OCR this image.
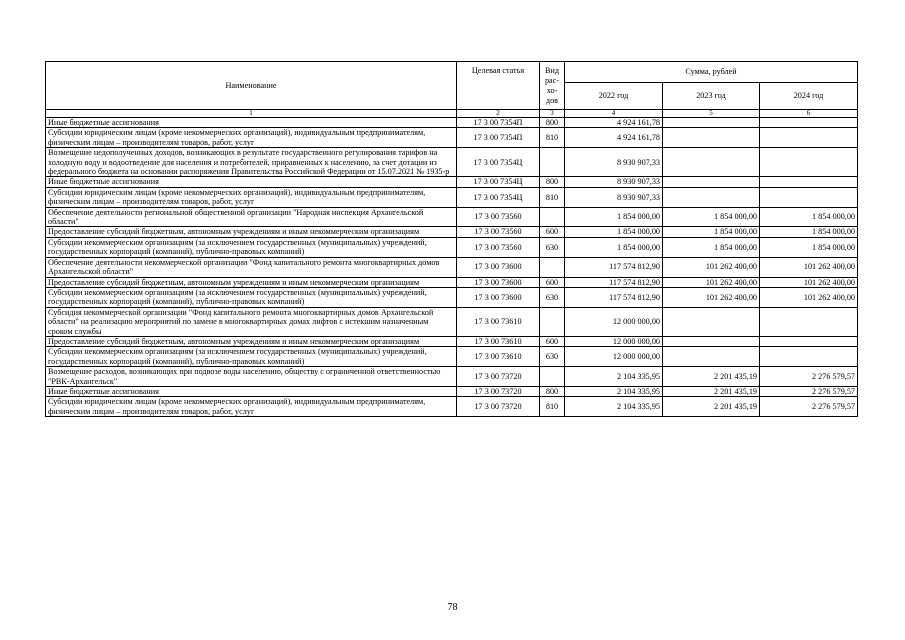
Наименование	Целевая статья	Вид
рас-
хо-
дов	Сумма, рублей		
			2022 год	2023 год	2024 год
1	2	3	4	5	6
Иные бюджетные ассигнования	17 3 00 7354П	800	4 924 161,78		
Субсидии юридическим лицам (кроме некоммерческих организаций), индивидуальным предпринимателям, физическим лицам – производителям товаров, работ, услуг	17 3 00 7354П	810	4 924 161,78		
Возмещение недополученных доходов, возникающих в результате государственного регулирования тарифов на холодную воду и водоотведение для населения и потребителей, приравненных к населению, за счет дотации из федерального бюджета на основании распоряжения Правительства Российской Федерации от 15.07.2021 № 1935-р	17 3 00 7354Ц		8 930 907,33		
Иные бюджетные ассигнования	17 3 00 7354Ц	800	8 930 907,33		
Субсидии юридическим лицам (кроме некоммерческих организаций), индивидуальным предпринимателям, физическим лицам – производителям товаров, работ, услуг	17 3 00 7354Ц	810	8 930 907,33		
Обеспечение деятельности региональной общественной организации "Народная инспекция Архангельской области"	17 3 00 73560		1 854 000,00	1 854 000,00	1 854 000,00
Предоставление субсидий бюджетным, автономным учреждениям и иным некоммерческим организациям	17 3 00 73560	600	1 854 000,00	1 854 000,00	1 854 000,00
Субсидии некоммерческим организациям (за исключением государственных (муниципальных) учреждений, государственных корпораций (компаний), публично-правовых компаний)	17 3 00 73560	630	1 854 000,00	1 854 000,00	1 854 000,00
Обеспечение деятельности некоммерческой организации "Фонд капитального ремонта многоквартирных домов Архангельской области"	17 3 00 73600		117 574 812,90	101 262 400,00	101 262 400,00
Предоставление субсидий бюджетным, автономным учреждениям и иным некоммерческим организациям	17 3 00 73600	600	117 574 812,90	101 262 400,00	101 262 400,00
Субсидии некоммерческим организациям (за исключением государственных (муниципальных) учреждений, государственных корпораций (компаний), публично-правовых компаний)	17 3 00 73600	630	117 574 812,90	101 262 400,00	101 262 400,00
Субсидия некоммерческой организации "Фонд капитального ремонта многоквартирных домов Архангельской области" на реализацию мероприятий по замене в многоквартирных домах лифтов с истекшим назначенным сроком службы	17 3 00 73610		12 000 000,00		
Предоставление субсидий бюджетным, автономным учреждениям и иным некоммерческим организациям	17 3 00 73610	600	12 000 000,00		
Субсидии некоммерческим организациям (за исключением государственных (муниципальных) учреждений, государственных корпораций (компаний), публично-правовых компаний)	17 3 00 73610	630	12 000 000,00		
Возмещение расходов, возникающих при подвозе воды населению, обществу с ограниченной ответственностью "РВК-Архангельск"	17 3 00 73720		2 104 335,95	2 201 435,19	2 276 579,57
Иные бюджетные ассигнования	17 3 00 73720	800	2 104 335,95	2 201 435,19	2 276 579,57
Субсидии юридическим лицам (кроме некоммерческих организаций), индивидуальным предпринимателям, физическим лицам – производителям товаров, работ, услуг	17 3 00 73720	810	2 104 335,95	2 201 435,19	2 276 579,57
78
